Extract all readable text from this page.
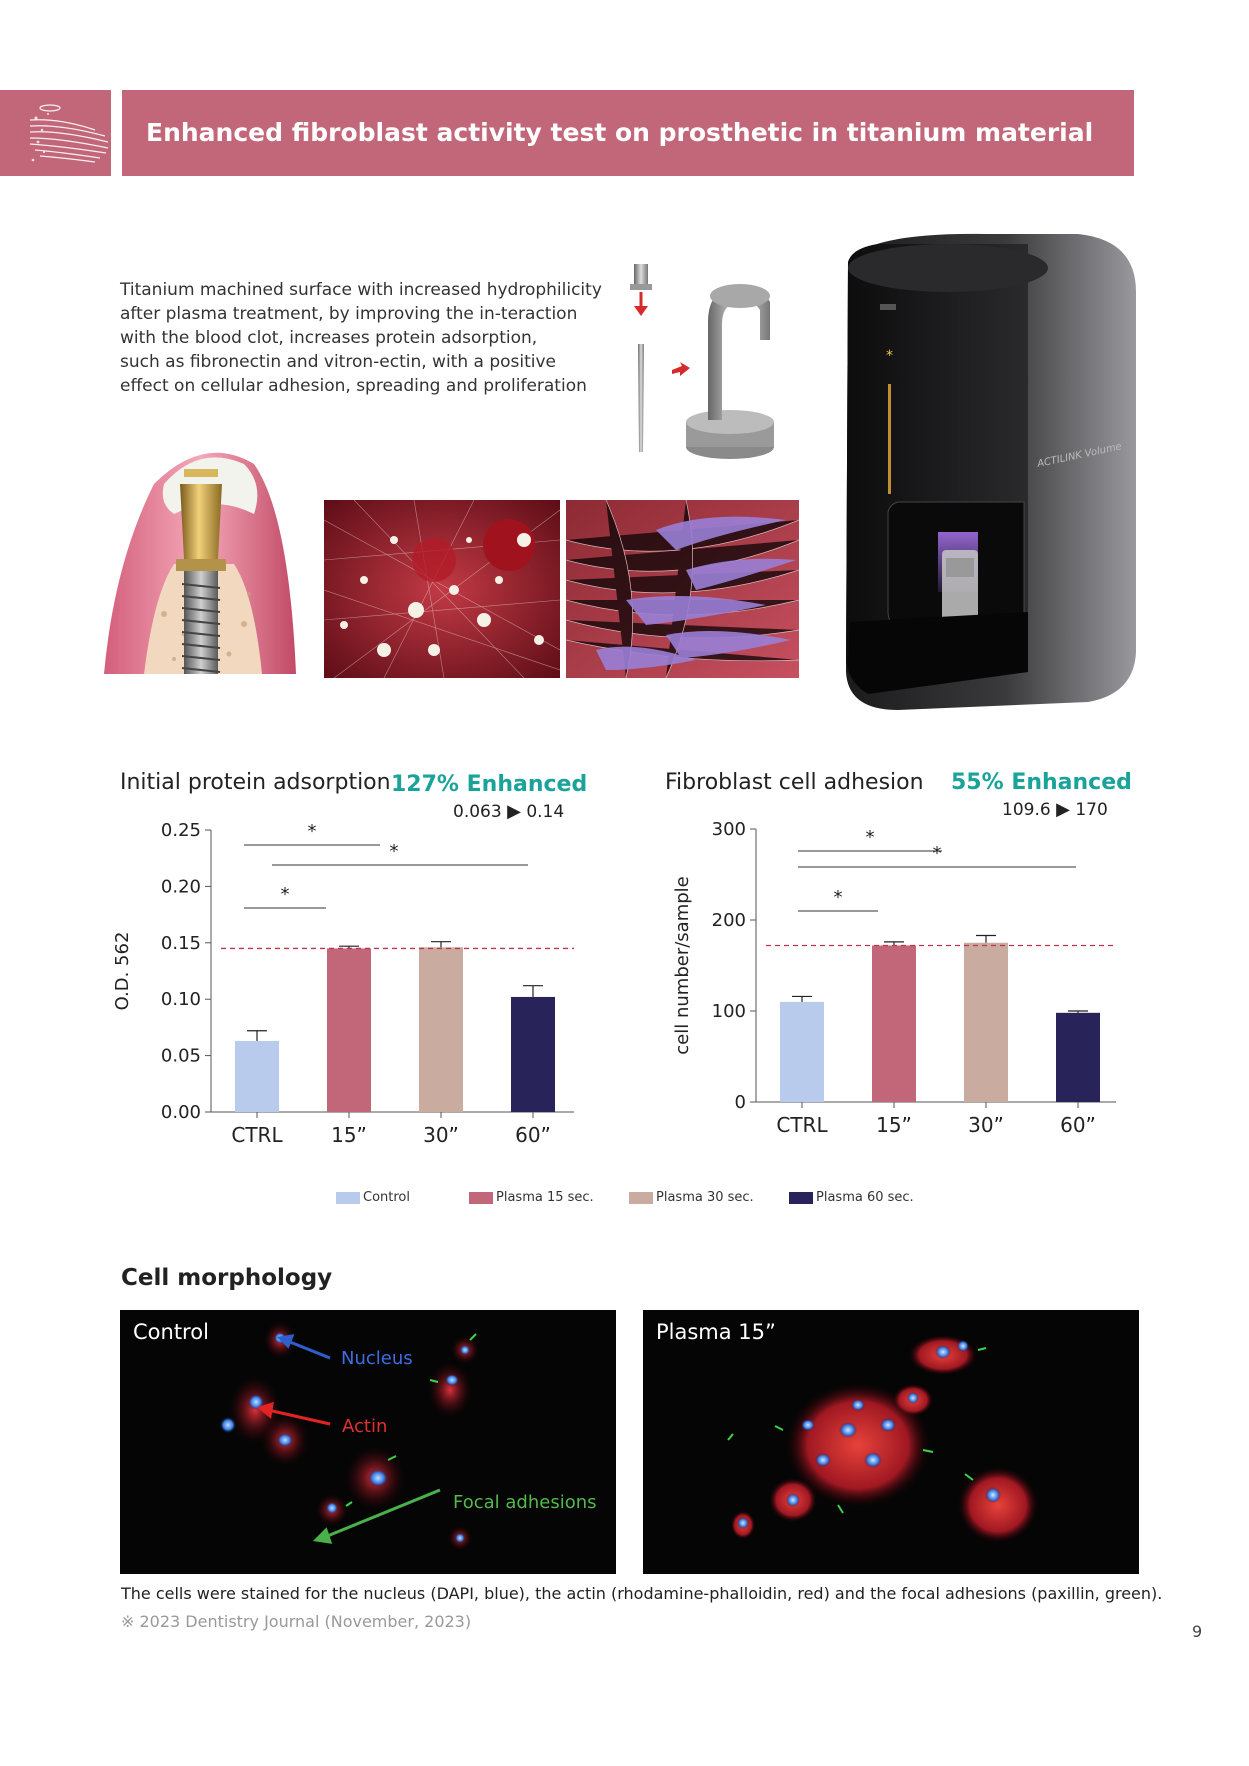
Enhanced fibroblast activity test on prosthetic in titanium material
Titanium machined surface with increased hydrophilicity
after plasma treatment, by improving the in-teraction
with the blood clot, increases protein adsorption,
such as fibronectin and vitron-ectin, with a positive
effect on cellular adhesion, spreading and proliferation
*
ACTILINK Volume
Initial protein adsorption 127% Enhanced
0.063 ▶ 0.14
0.00
0.05
0.10
0.15
0.20
0.25
O.D. 562
CTRL 15”	30”	60”
*
*
*
Fibroblast cell adhesion 55% Enhanced
109.6 ▶ 170
0
100
200
300
cell number/sample
CTRL 15”	30”	60”
*
*
*
Control	Plasma 15 sec.	Plasma 30 sec.	Plasma 60 sec.
Cell morphology
Control
Nucleus
Actin
Focal adhesions
Plasma 15”
The cells were stained for the nucleus (DAPI, blue), the actin (rhodamine-phalloidin, red) and the focal adhesions (paxillin, green).
※ 2023 Dentistry Journal (November, 2023)
9
